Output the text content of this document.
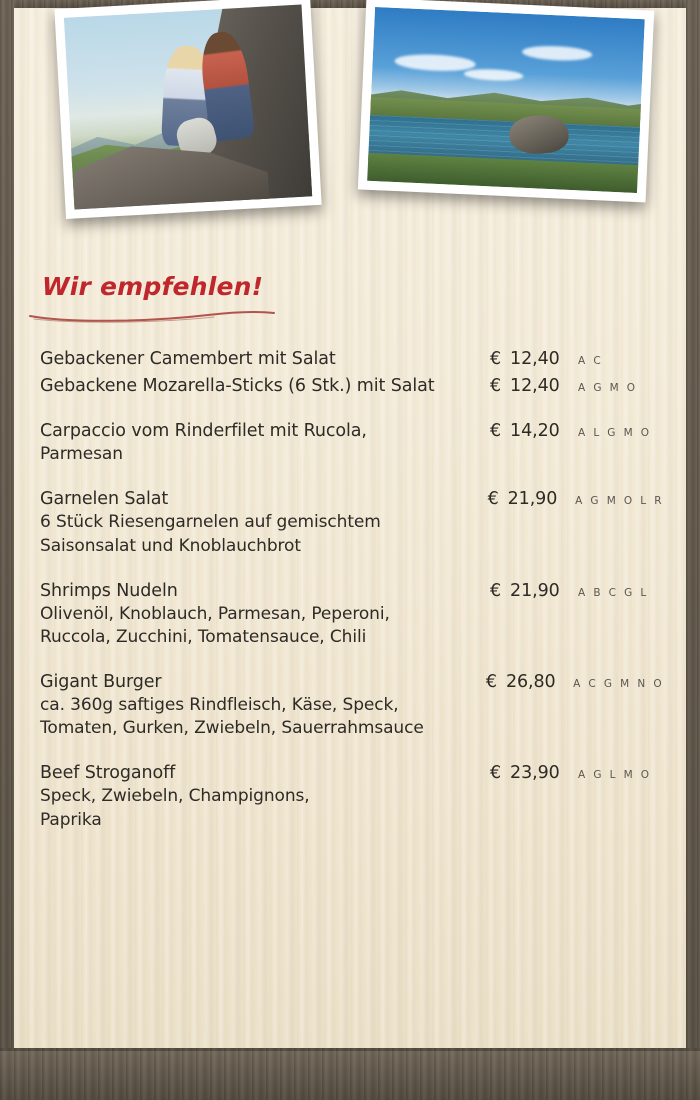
Wir empfehlen!
Gebackener Camembert mit Salat	€ 12,40	A C
Gebackene Mozarella-Sticks (6 Stk.) mit Salat	€ 12,40	A G M O
Carpaccio vom Rinderfilet mit Rucola,	€ 14,20	A L G M O
Parmesan
Garnelen Salat	€ 21,90	A G M O L R
6 Stück Riesengarnelen auf gemischtem
Saisonsalat und Knoblauchbrot
Shrimps Nudeln	€ 21,90	A B C G L
Olivenöl, Knoblauch, Parmesan, Peperoni,
Ruccola, Zucchini, Tomatensauce, Chili
Gigant Burger	€ 26,80	A C G M N O
ca. 360g saftiges Rindfleisch, Käse, Speck,
Tomaten, Gurken, Zwiebeln, Sauerrahmsauce
Beef Stroganoff	€ 23,90	A G L M O
Speck, Zwiebeln, Champignons,
Paprika
